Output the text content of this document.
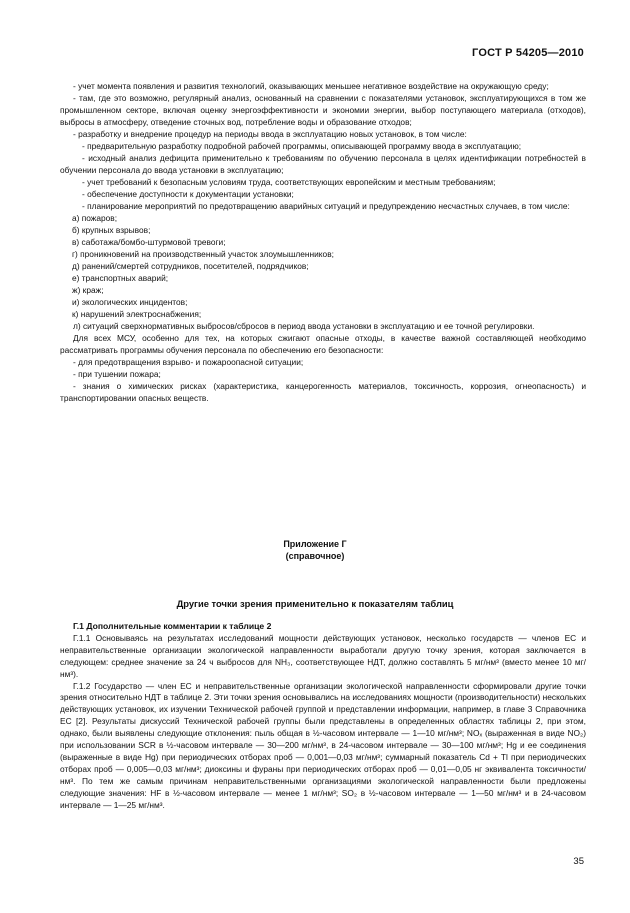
ГОСТ Р 54205—2010

- учет момента появления и развития технологий, оказывающих меньшее негативное воздействие на окружающую среду;

- там, где это возможно, регулярный анализ, основанный на сравнении с показателями установок, эксплуатирующихся в том же промышленном секторе, включая оценку энергоэффективности и экономии энергии, выбор поступающего материала (отходов), выбросы в атмосферу, отведение сточных вод, потребление воды и образование отходов;

- разработку и внедрение процедур на периоды ввода в эксплуатацию новых установок, в том числе:

- предварительную разработку подробной рабочей программы, описывающей программу ввода в эксплуатацию;

- исходный анализ дефицита применительно к требованиям по обучению персонала в целях идентификации потребностей в обучении персонала до ввода установки в эксплуатацию;

- учет требований к безопасным условиям труда, соответствующих европейским и местным требованиям;

- обеспечение доступности к документации установки;

- планирование мероприятий по предотвращению аварийных ситуаций и предупреждению несчастных случаев, в том числе:

а) пожаров;

б) крупных взрывов;

в) саботажа/бомбо-штурмовой тревоги;

г) проникновений на производственный участок злоумышленников;

д) ранений/смертей сотрудников, посетителей, подрядчиков;

е) транспортных аварий;

ж) краж;

и) экологических инцидентов;

к) нарушений электроснабжения;

л) ситуаций сверхнормативных выбросов/сбросов в период ввода установки в эксплуатацию и ее точной регулировки.

Для всех МСУ, особенно для тех, на которых сжигают опасные отходы, в качестве важной составляющей необходимо рассматривать программы обучения персонала по обеспечению его безопасности:

- для предотвращения взрыво- и пожароопасной ситуации;

- при тушении пожара;

- знания о химических рисках (характеристика, канцерогенность материалов, токсичность, коррозия, огнеопасность) и транспортировании опасных веществ.

Приложение Г
(справочное)
Другие точки зрения применительно к показателям таблиц

Г.1 Дополнительные комментарии к таблице 2

Г.1.1 Основываясь на результатах исследований мощности действующих установок, несколько государств — членов ЕС и неправительственные организации экологической направленности выработали другую точку зрения, которая заключается в следующем: среднее значение за 24 ч выбросов для NH₃, соответствующее НДТ, должно составлять 5 мг/нм³ (вместо менее 10 мг/нм³).

Г.1.2 Государство — член ЕС и неправительственные организации экологической направленности сформировали другие точки зрения относительно НДТ в таблице 2. Эти точки зрения основывались на исследованиях мощности (производительности) нескольких действующих установок, их изучении Технической рабочей группой и представлении информации, например, в главе 3 Справочника ЕС [2]. Результаты дискуссий Технической рабочей группы были представлены в определенных областях таблицы 2, при этом, однако, были выявлены следующие отклонения: пыль общая в ½-часовом интервале — 1—10 мг/нм³; NOₓ (выраженная в виде NO₂) при использовании SCR в ½-часовом интервале — 30—200 мг/нм³, в 24-часовом интервале — 30—100 мг/нм³; Hg и ее соединения (выраженные в виде Hg) при периодических отборах проб — 0,001—0,03 мг/нм³; суммарный показатель Cd + Tl при периодических отборах проб — 0,005—0,03 мг/нм³; диоксины и фураны при периодических отборах проб — 0,01—0,05 нг эквивалента токсичности/нм³. По тем же самым причинам неправительственными организациями экологической направленности были предложены следующие значения: HF в ½-часовом интервале — менее 1 мг/нм³; SO₂ в ½-часовом интервале — 1—50 мг/нм³ и в 24-часовом интервале — 1—25 мг/нм³.

35
